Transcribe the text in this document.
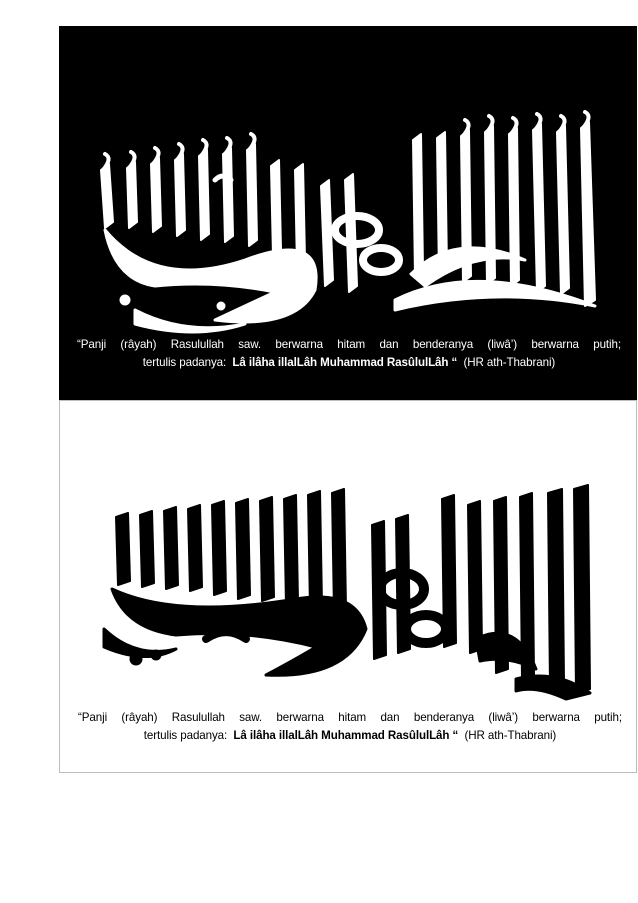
“Panji (râyah) Rasulullah saw. berwarna hitam dan benderanya (liwâ’) berwarna putih;
tertulis padanya: Lâ ilâha illalLâh Muhammad RasûlulLâh “ (HR ath-Thabrani)
“Panji (râyah) Rasulullah saw. berwarna hitam dan benderanya (liwâ’) berwarna putih;
tertulis padanya: Lâ ilâha illalLâh Muhammad RasûlulLâh “ (HR ath-Thabrani)
